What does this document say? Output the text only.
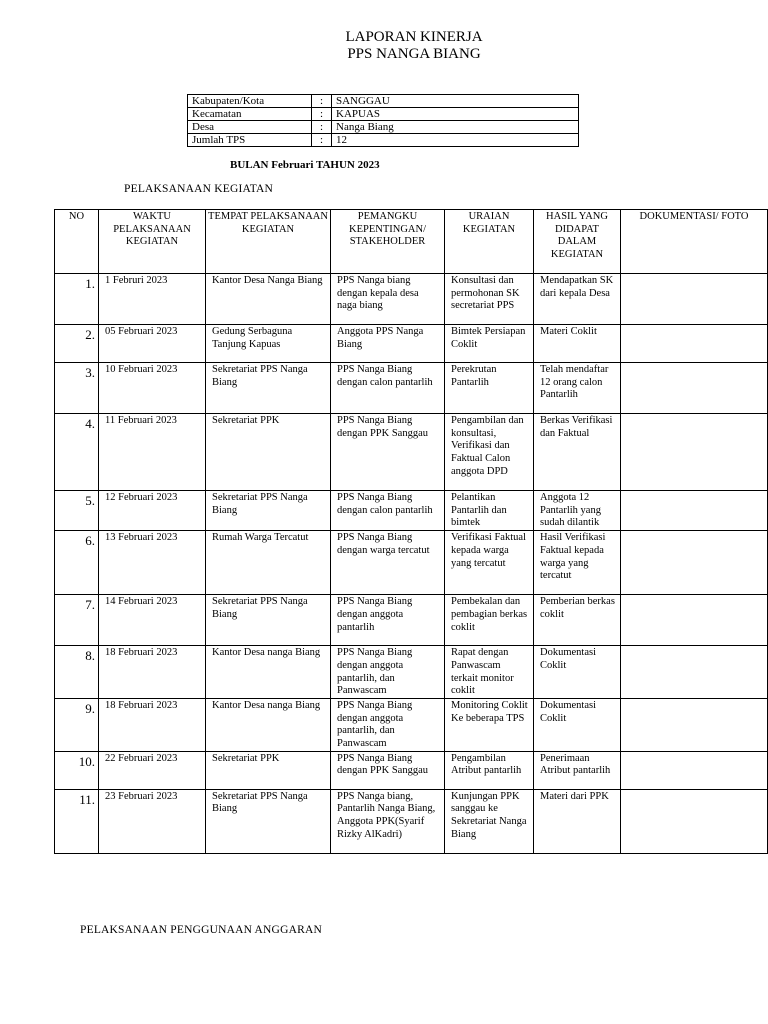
LAPORAN KINERJA
PPS NANGA BIANG
Kabupaten/Kota	:	SANGGAU
Kecamatan	:	KAPUAS
Desa	:	Nanga Biang
Jumlah TPS	:	12
BULAN Februari TAHUN 2023
PELAKSANAAN KEGIATAN
NO	WAKTU PELAKSANAAN KEGIATAN	TEMPAT PELAKSANAAN KEGIATAN	PEMANGKU KEPENTINGAN/ STAKEHOLDER	URAIAN KEGIATAN	HASIL YANG DIDAPAT DALAM KEGIATAN	DOKUMENTASI/ FOTO
1.	1 Februri 2023	Kantor Desa Nanga Biang	PPS Nanga biang dengan kepala desa naga biang	Konsultasi dan permohonan SK secretariat PPS	Mendapatkan SK dari kepala Desa	
2.	05 Februari 2023	Gedung Serbaguna Tanjung Kapuas	Anggota PPS Nanga Biang	Bimtek Persiapan Coklit	Materi Coklit	
3.	10 Februari 2023	Sekretariat PPS Nanga Biang	PPS Nanga Biang dengan calon pantarlih	Perekrutan Pantarlih	Telah mendaftar 12 orang calon Pantarlih	
4.	11 Februari 2023	Sekretariat PPK	PPS Nanga Biang dengan PPK Sanggau	Pengambilan dan konsultasi, Verifikasi dan Faktual Calon anggota DPD	Berkas Verifikasi dan Faktual	
5.	12 Februari 2023	Sekretariat PPS Nanga Biang	PPS Nanga Biang dengan calon pantarlih	Pelantikan Pantarlih dan bimtek	Anggota 12 Pantarlih yang sudah dilantik	
6.	13 Februari 2023	Rumah Warga Tercatut	PPS Nanga Biang dengan warga tercatut	Verifikasi Faktual kepada warga yang tercatut	Hasil Verifikasi Faktual kepada warga yang tercatut	
7.	14 Februari 2023	Sekretariat PPS Nanga Biang	PPS Nanga Biang dengan anggota pantarlih	Pembekalan dan pembagian berkas coklit	Pemberian berkas coklit	
8.	18 Februari 2023	Kantor Desa nanga Biang	PPS Nanga Biang dengan anggota pantarlih, dan Panwascam	Rapat dengan Panwascam terkait monitor coklit	Dokumentasi Coklit	
9.	18 Februari 2023	Kantor Desa nanga Biang	PPS Nanga Biang dengan anggota pantarlih, dan Panwascam	Monitoring Coklit Ke beberapa TPS	Dokumentasi Coklit	
10.	22 Februari 2023	Sekretariat PPK	PPS Nanga Biang dengan PPK Sanggau	Pengambilan Atribut pantarlih	Penerimaan Atribut pantarlih	
11.	23 Februari 2023	Sekretariat PPS Nanga Biang	PPS Nanga biang, Pantarlih Nanga Biang, Anggota PPK(Syarif Rizky AlKadri)	Kunjungan PPK sanggau ke Sekretariat Nanga Biang	Materi dari PPK	
PELAKSANAAN PENGGUNAAN ANGGARAN
